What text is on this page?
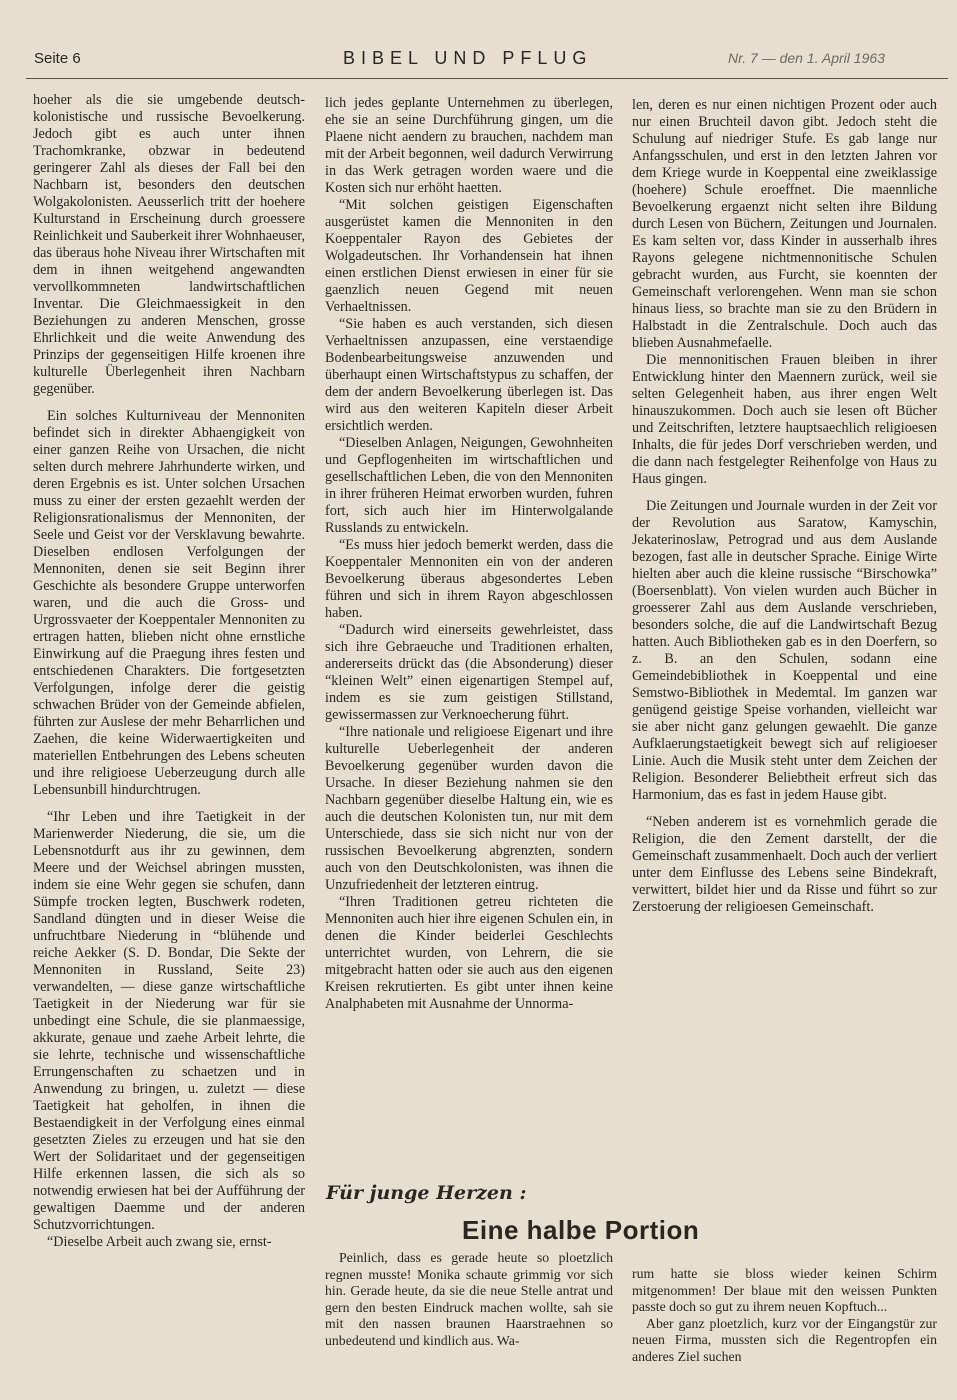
Seite 6	BIBEL UND PFLUG	Nr. 7 — den 1. April 1963

hoeher als die sie umgebende deutsch-kolonistische und russische Bevoelkerung. Jedoch gibt es auch unter ihnen Trachomkranke, obzwar in bedeutend geringerer Zahl als dieses der Fall bei den Nachbarn ist, besonders den deutschen Wolgakolonisten. Aeusserlich tritt der hoehere Kulturstand in Erscheinung durch groessere Reinlichkeit und Sauberkeit ihrer Wohnhaeuser, das überaus hohe Niveau ihrer Wirtschaften mit dem in ihnen weitgehend angewandten vervollkommneten landwirtschaftlichen Inventar. Die Gleichmaessigkeit in den Beziehungen zu anderen Menschen, grosse Ehrlichkeit und die weite Anwendung des Prinzips der gegenseitigen Hilfe kroenen ihre kulturelle Überlegenheit ihren Nachbarn gegenüber.

Ein solches Kulturniveau der Mennoniten befindet sich in direkter Abhaengigkeit von einer ganzen Reihe von Ursachen, die nicht selten durch mehrere Jahrhunderte wirken, und deren Ergebnis es ist. Unter solchen Ursachen muss zu einer der ersten gezaehlt werden der Religionsrationalismus der Mennoniten, der Seele und Geist vor der Versklavung bewahrte. Dieselben endlosen Verfolgungen der Mennoniten, denen sie seit Beginn ihrer Geschichte als besondere Gruppe unterworfen waren, und die auch die Gross- und Urgrossvaeter der Koeppentaler Mennoniten zu ertragen hatten, blieben nicht ohne ernstliche Einwirkung auf die Praegung ihres festen und entschiedenen Charakters. Die fortgesetzten Verfolgungen, infolge derer die geistig schwachen Brüder von der Gemeinde abfielen, führten zur Auslese der mehr Beharrlichen und Zaehen, die keine Widerwaertigkeiten und materiellen Entbehrungen des Lebens scheuten und ihre religioese Ueberzeugung durch alle Lebensunbill hindurchtrugen.

“Ihr Leben und ihre Taetigkeit in der Marienwerder Niederung, die sie, um die Lebensnotdurft aus ihr zu gewinnen, dem Meere und der Weichsel abringen mussten, indem sie eine Wehr gegen sie schufen, dann Sümpfe trocken legten, Buschwerk rodeten, Sandland düngten und in dieser Weise die unfruchtbare Niederung in “blühende und reiche Aekker (S. D. Bondar, Die Sekte der Mennoniten in Russland, Seite 23) verwandelten, — diese ganze wirtschaftliche Taetigkeit in der Niederung war für sie unbedingt eine Schule, die sie planmaessige, akkurate, genaue und zaehe Arbeit lehrte, die sie lehrte, technische und wissenschaftliche Errungenschaften zu schaetzen und in Anwendung zu bringen, u. zuletzt — diese Taetigkeit hat geholfen, in ihnen die Bestaendigkeit in der Verfolgung eines einmal gesetzten Zieles zu erzeugen und hat sie den Wert der Solidaritaet und der gegenseitigen Hilfe erkennen lassen, die sich als so notwendig erwiesen hat bei der Aufführung der gewaltigen Daemme und der anderen Schutzvorrichtungen.

“Dieselbe Arbeit auch zwang sie, ernst-

lich jedes geplante Unternehmen zu überlegen, ehe sie an seine Durchführung gingen, um die Plaene nicht aendern zu brauchen, nachdem man mit der Arbeit begonnen, weil dadurch Verwirrung in das Werk getragen worden waere und die Kosten sich nur erhöht haetten.

“Mit solchen geistigen Eigenschaften ausgerüstet kamen die Mennoniten in den Koeppentaler Rayon des Gebietes der Wolgadeutschen. Ihr Vorhandensein hat ihnen einen erstlichen Dienst erwiesen in einer für sie gaenzlich neuen Gegend mit neuen Verhaeltnissen.

“Sie haben es auch verstanden, sich diesen Verhaeltnissen anzupassen, eine verstaendige Bodenbearbeitungsweise anzuwenden und überhaupt einen Wirtschaftstypus zu schaffen, der dem der andern Bevoelkerung überlegen ist. Das wird aus den weiteren Kapiteln dieser Arbeit ersichtlich werden.

“Dieselben Anlagen, Neigungen, Gewohnheiten und Gepflogenheiten im wirtschaftlichen und gesellschaftlichen Leben, die von den Mennoniten in ihrer früheren Heimat erworben wurden, fuhren fort, sich auch hier im Hinterwolgalande Russlands zu entwickeln.

“Es muss hier jedoch bemerkt werden, dass die Koeppentaler Mennoniten ein von der anderen Bevoelkerung überaus abgesondertes Leben führen und sich in ihrem Rayon abgeschlossen haben.

“Dadurch wird einerseits gewehrleistet, dass sich ihre Gebraeuche und Traditionen erhalten, andererseits drückt das (die Absonderung) dieser “kleinen Welt” einen eigenartigen Stempel auf, indem es sie zum geistigen Stillstand, gewissermassen zur Verknoecherung führt.

“Ihre nationale und religioese Eigenart und ihre kulturelle Ueberlegenheit der anderen Bevoelkerung gegenüber wurden davon die Ursache. In dieser Beziehung nahmen sie den Nachbarn gegenüber dieselbe Haltung ein, wie es auch die deutschen Kolonisten tun, nur mit dem Unterschiede, dass sie sich nicht nur von der russischen Bevoelkerung abgrenzten, sondern auch von den Deutschkolonisten, was ihnen die Unzufriedenheit der letzteren eintrug.

“Ihren Traditionen getreu richteten die Mennoniten auch hier ihre eigenen Schulen ein, in denen die Kinder beiderlei Geschlechts unterrichtet wurden, von Lehrern, die sie mitgebracht hatten oder sie auch aus den eigenen Kreisen rekrutierten. Es gibt unter ihnen keine Analphabeten mit Ausnahme der Unnorma-

len, deren es nur einen nichtigen Prozent oder auch nur einen Bruchteil davon gibt. Jedoch steht die Schulung auf niedriger Stufe. Es gab lange nur Anfangsschulen, und erst in den letzten Jahren vor dem Kriege wurde in Koeppental eine zweiklassige (hoehere) Schule eroeffnet. Die maennliche Bevoelkerung ergaenzt nicht selten ihre Bildung durch Lesen von Büchern, Zeitungen und Journalen. Es kam selten vor, dass Kinder in ausserhalb ihres Rayons gelegene nichtmennonitische Schulen gebracht wurden, aus Furcht, sie koennten der Gemeinschaft verlorengehen. Wenn man sie schon hinaus liess, so brachte man sie zu den Brüdern in Halbstadt in die Zentralschule. Doch auch das blieben Ausnahmefaelle.

Die mennonitischen Frauen bleiben in ihrer Entwicklung hinter den Maennern zurück, weil sie selten Gelegenheit haben, aus ihrer engen Welt hinauszukommen. Doch auch sie lesen oft Bücher und Zeitschriften, letztere hauptsaechlich religioesen Inhalts, die für jedes Dorf verschrieben werden, und die dann nach festgelegter Reihenfolge von Haus zu Haus gingen.

Die Zeitungen und Journale wurden in der Zeit vor der Revolution aus Saratow, Kamyschin, Jekaterinoslaw, Petrograd und aus dem Auslande bezogen, fast alle in deutscher Sprache. Einige Wirte hielten aber auch die kleine russische “Birschowka” (Boersenblatt). Von vielen wurden auch Bücher in groesserer Zahl aus dem Auslande verschrieben, besonders solche, die auf die Landwirtschaft Bezug hatten. Auch Bibliotheken gab es in den Doerfern, so z. B. an den Schulen, sodann eine Gemeindebibliothek in Koeppental und eine Semstwo-Bibliothek in Medemtal. Im ganzen war genügend geistige Speise vorhanden, vielleicht war sie aber nicht ganz gelungen gewaehlt. Die ganze Aufklaerungstaetigkeit bewegt sich auf religioeser Linie. Auch die Musik steht unter dem Zeichen der Religion. Besonderer Beliebtheit erfreut sich das Harmonium, das es fast in jedem Hause gibt.

“Neben anderem ist es vornehmlich gerade die Religion, die den Zement darstellt, der die Gemeinschaft zusammenhaelt. Doch auch der verliert unter dem Einflusse des Lebens seine Bindekraft, verwittert, bildet hier und da Risse und führt so zur Zerstoerung der religioesen Gemeinschaft.

Für junge Herzen :
Eine halbe Portion

Peinlich, dass es gerade heute so ploetzlich regnen musste! Monika schaute grimmig vor sich hin. Gerade heute, da sie die neue Stelle antrat und gern den besten Eindruck machen wollte, sah sie mit den nassen braunen Haarstraehnen so unbedeutend und kindlich aus. Wa-

rum hatte sie bloss wieder keinen Schirm mitgenommen! Der blaue mit den weissen Punkten passte doch so gut zu ihrem neuen Kopftuch...

Aber ganz ploetzlich, kurz vor der Eingangstür zur neuen Firma, mussten sich die Regentropfen ein anderes Ziel suchen
